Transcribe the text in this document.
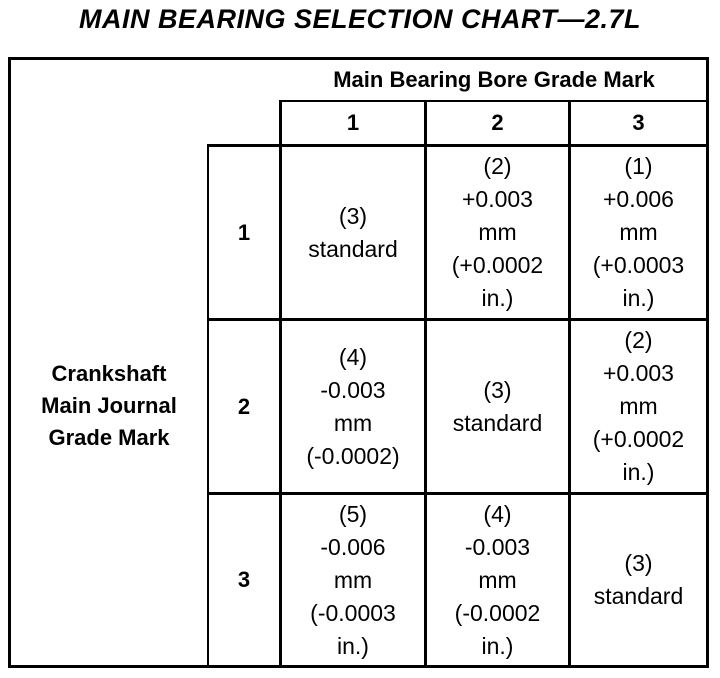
MAIN BEARING SELECTION CHART—2.7L
Main Bearing Bore Grade Mark
1	2	3
Crankshaft
Main Journal
Grade Mark
1
2
3
(3)
standard
(2)
+0.003
mm
(+0.0002
in.)
(1)
+0.006
mm
(+0.0003
in.)
(4)
-0.003
mm
(-0.0002)
(3)
standard
(2)
+0.003
mm
(+0.0002
in.)
(5)
-0.006
mm
(-0.0003
in.)
(4)
-0.003
mm
(-0.0002
in.)
(3)
standard
